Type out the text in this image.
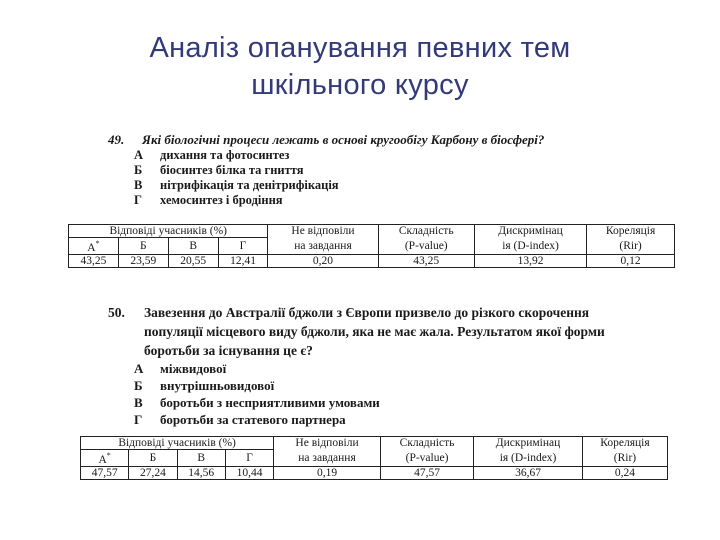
Аналіз опанування певних тем
шкільного курсу
49.	Які біологічні процеси лежать в основі кругообігу Карбону в біосфері?
А	дихання та фотосинтез
Б	біосинтез білка та гниття
В	нітрифікація та денітрифікація
Г	хемосинтез і бродіння
Відповіді учасників (%)				Не відповіли	Складність	Дискримінац	Кореляція
А*	Б	В	Г	на завдання	(P-value)	ія (D-index)	(Rir)
43,25	23,59	20,55	12,41	0,20	43,25	13,92	0,12
50.	Завезення до Австралії бджоли з Європи призвело до різкого скорочення
популяції місцевого виду бджоли, яка не має жала. Результатом якої форми
боротьби за існування це є?
А	міжвидової
Б	внутрішньовидової
В	боротьби з несприятливими умовами
Г	боротьби за статевого партнера
Відповіді учасників (%)				Не відповіли	Складність	Дискримінац	Кореляція
А*	Б	В	Г	на завдання	(P-value)	ія (D-index)	(Rir)
47,57	27,24	14,56	10,44	0,19	47,57	36,67	0,24
